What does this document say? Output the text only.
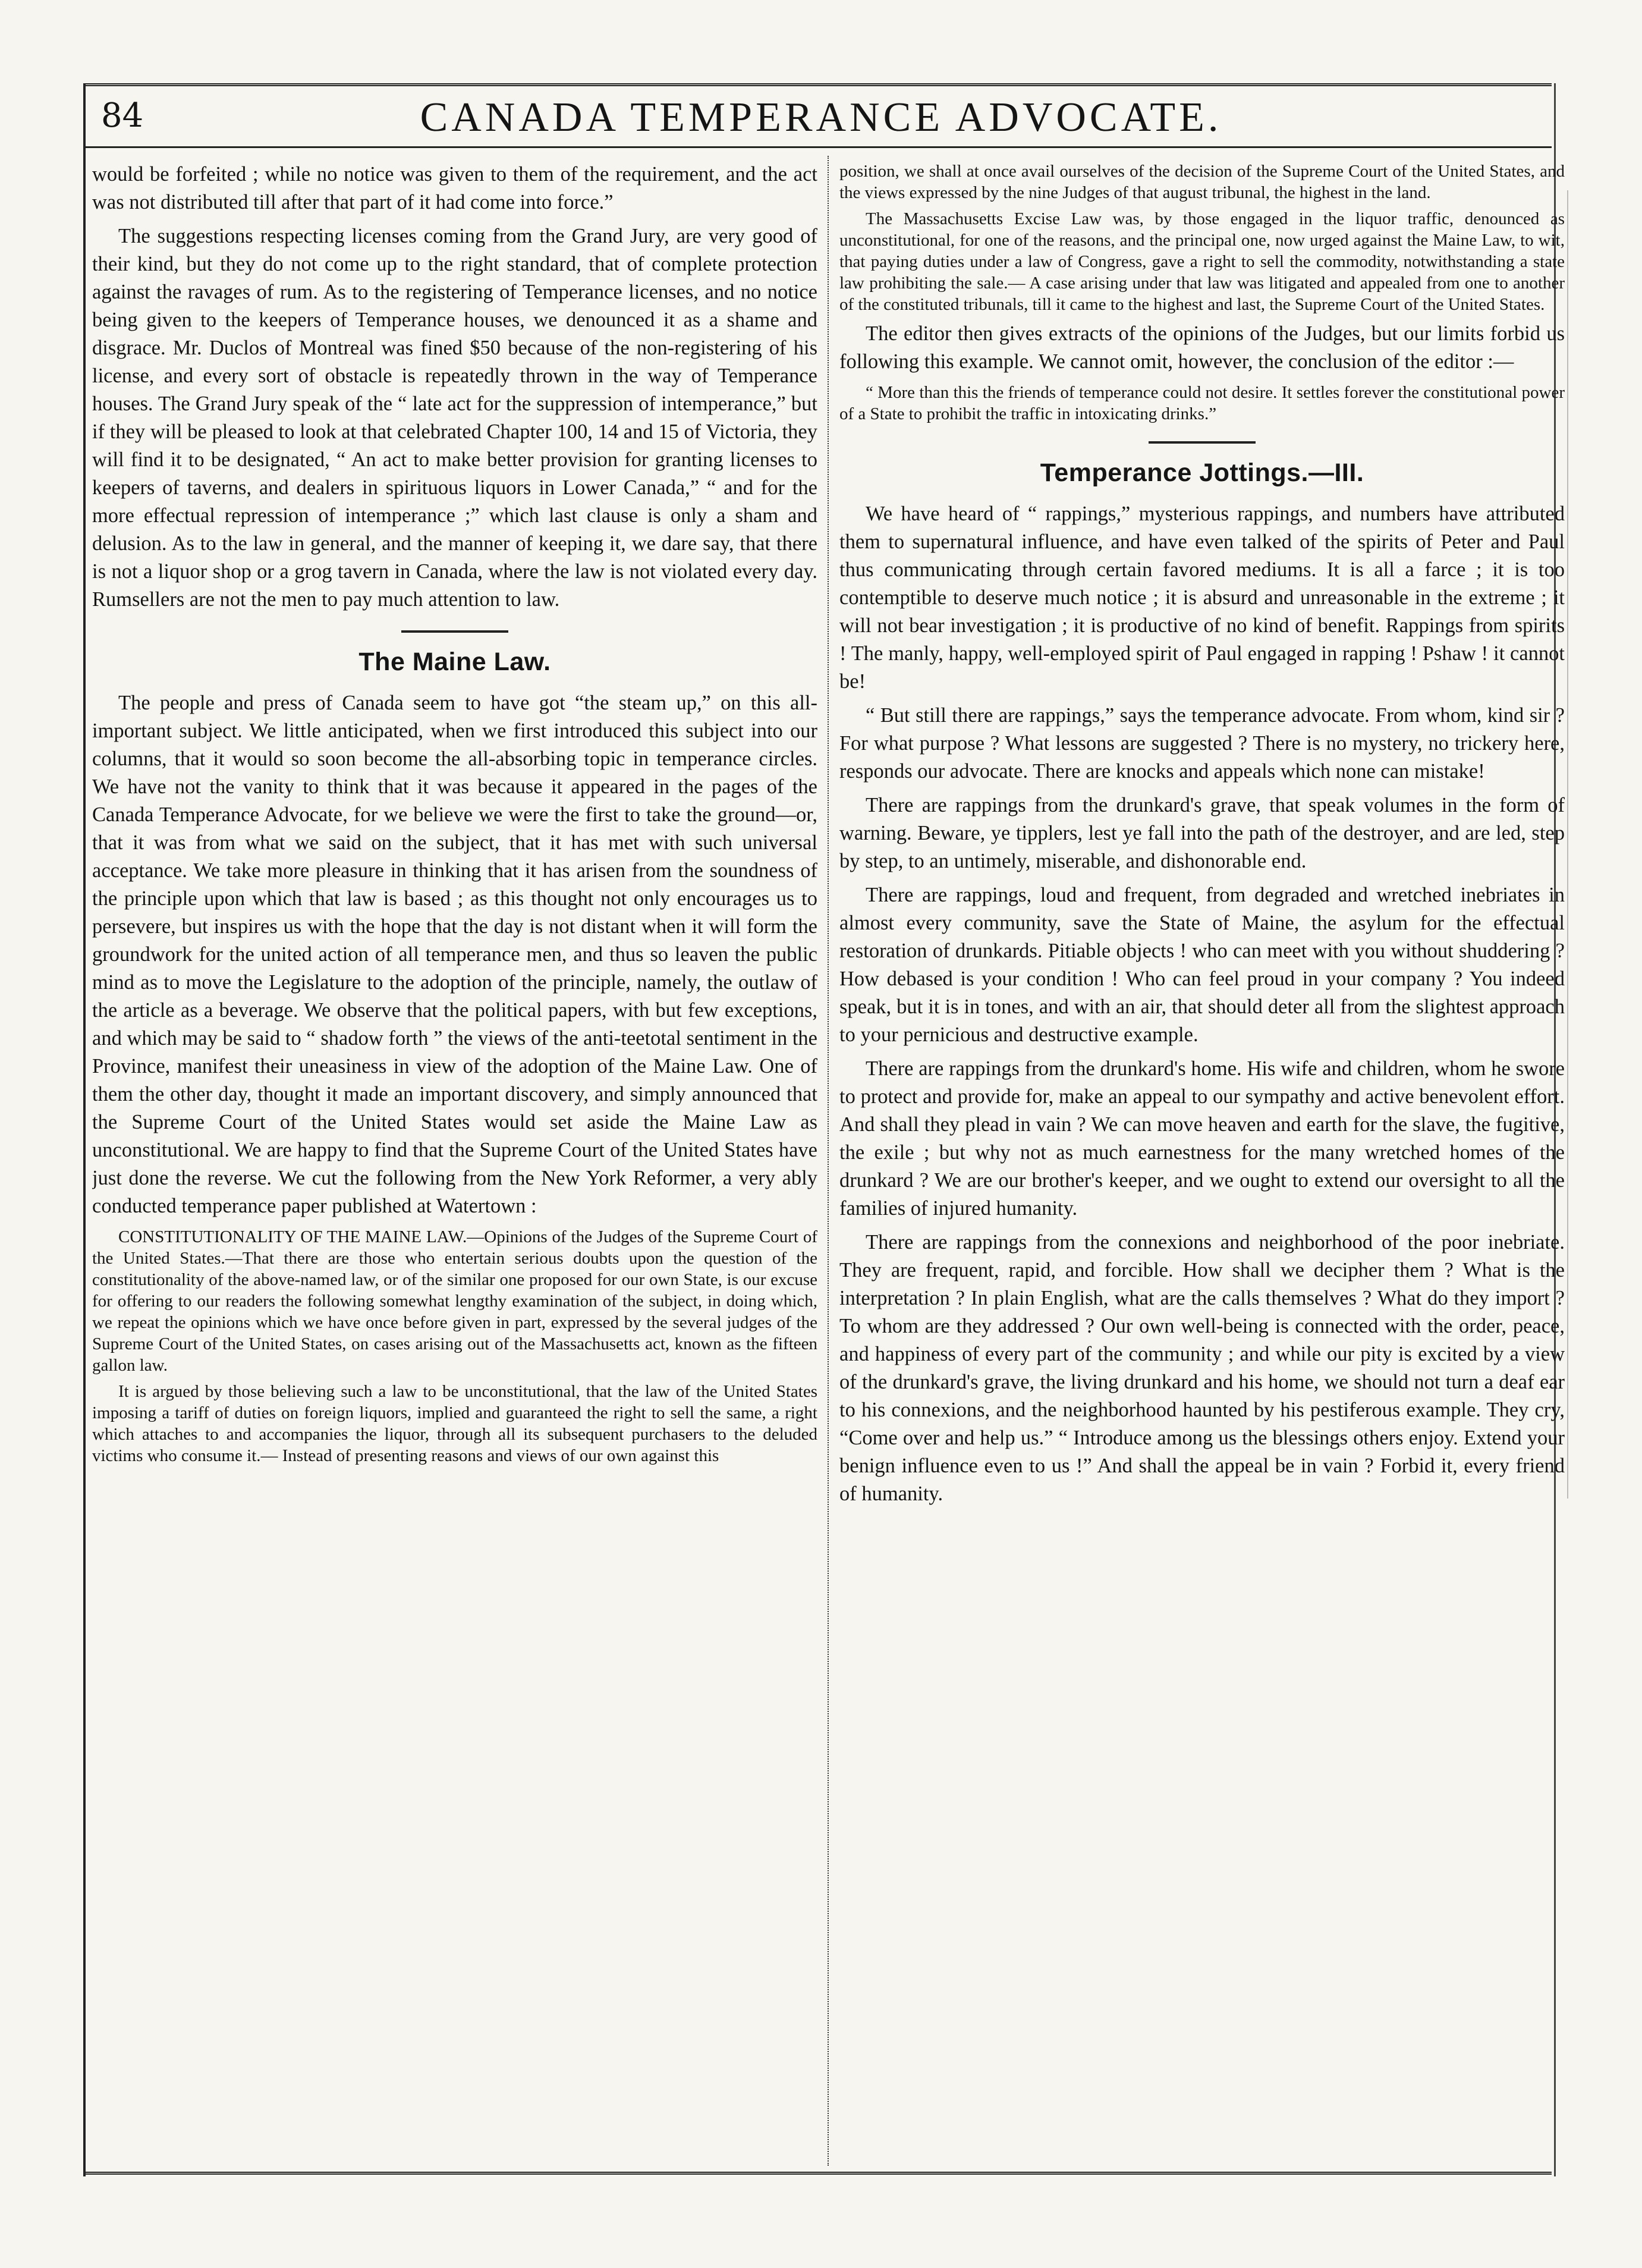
84	CANADA TEMPERANCE ADVOCATE.

would be forfeited ; while no notice was given to them of the requirement, and the act was not distributed till after that part of it had come into force.”

The suggestions respecting licenses coming from the Grand Jury, are very good of their kind, but they do not come up to the right standard, that of complete protection against the ravages of rum. As to the registering of Temperance licenses, and no notice being given to the keepers of Temperance houses, we denounced it as a shame and disgrace. Mr. Duclos of Montreal was fined $50 because of the non-registering of his license, and every sort of obstacle is repeatedly thrown in the way of Temperance houses. The Grand Jury speak of the “ late act for the suppression of intemperance,” but if they will be pleased to look at that celebrated Chapter 100, 14 and 15 of Victoria, they will find it to be designated, “ An act to make better provision for granting licenses to keepers of taverns, and dealers in spirituous liquors in Lower Canada,” “ and for the more effectual repression of intemperance ;” which last clause is only a sham and delusion. As to the law in general, and the manner of keeping it, we dare say, that there is not a liquor shop or a grog tavern in Canada, where the law is not violated every day. Rumsellers are not the men to pay much attention to law.

The Maine Law.

The people and press of Canada seem to have got “the steam up,” on this all-important subject. We little anticipated, when we first introduced this subject into our columns, that it would so soon become the all-absorbing topic in temperance circles. We have not the vanity to think that it was because it appeared in the pages of the Canada Temperance Advocate, for we believe we were the first to take the ground—or, that it was from what we said on the subject, that it has met with such universal acceptance. We take more pleasure in thinking that it has arisen from the soundness of the principle upon which that law is based ; as this thought not only encourages us to persevere, but inspires us with the hope that the day is not distant when it will form the groundwork for the united action of all temperance men, and thus so leaven the public mind as to move the Legislature to the adoption of the principle, namely, the outlaw of the article as a beverage. We observe that the political papers, with but few exceptions, and which may be said to “ shadow forth ” the views of the anti-teetotal sentiment in the Province, manifest their uneasiness in view of the adoption of the Maine Law. One of them the other day, thought it made an important discovery, and simply announced that the Supreme Court of the United States would set aside the Maine Law as unconstitutional. We are happy to find that the Supreme Court of the United States have just done the reverse. We cut the following from the New York Reformer, a very ably conducted temperance paper published at Watertown :

CONSTITUTIONALITY OF THE MAINE LAW.—Opinions of the Judges of the Supreme Court of the United States.—That there are those who entertain serious doubts upon the question of the constitutionality of the above-named law, or of the similar one proposed for our own State, is our excuse for offering to our readers the following somewhat lengthy examination of the subject, in doing which, we repeat the opinions which we have once before given in part, expressed by the several judges of the Supreme Court of the United States, on cases arising out of the Massachusetts act, known as the fifteen gallon law.

It is argued by those believing such a law to be unconstitutional, that the law of the United States imposing a tariff of duties on foreign liquors, implied and guaranteed the right to sell the same, a right which attaches to and accompanies the liquor, through all its subsequent purchasers to the deluded victims who consume it.— Instead of presenting reasons and views of our own against this

position, we shall at once avail ourselves of the decision of the Supreme Court of the United States, and the views expressed by the nine Judges of that august tribunal, the highest in the land.

The Massachusetts Excise Law was, by those engaged in the liquor traffic, denounced as unconstitutional, for one of the reasons, and the principal one, now urged against the Maine Law, to wit, that paying duties under a law of Congress, gave a right to sell the commodity, notwithstanding a state law prohibiting the sale.— A case arising under that law was litigated and appealed from one to another of the constituted tribunals, till it came to the highest and last, the Supreme Court of the United States.

The editor then gives extracts of the opinions of the Judges, but our limits forbid us following this example. We cannot omit, however, the conclusion of the editor :—

“ More than this the friends of temperance could not desire. It settles forever the constitutional power of a State to prohibit the traffic in intoxicating drinks.”

Temperance Jottings.—III.

We have heard of “ rappings,” mysterious rappings, and numbers have attributed them to supernatural influence, and have even talked of the spirits of Peter and Paul thus communicating through certain favored mediums. It is all a farce ; it is too contemptible to deserve much notice ; it is absurd and unreasonable in the extreme ; it will not bear investigation ; it is productive of no kind of benefit. Rappings from spirits ! The manly, happy, well-employed spirit of Paul engaged in rapping ! Pshaw ! it cannot be!

“ But still there are rappings,” says the temperance advocate. From whom, kind sir ? For what purpose ? What lessons are suggested ? There is no mystery, no trickery here, responds our advocate. There are knocks and appeals which none can mistake!

There are rappings from the drunkard's grave, that speak volumes in the form of warning. Beware, ye tipplers, lest ye fall into the path of the destroyer, and are led, step by step, to an untimely, miserable, and dishonorable end.

There are rappings, loud and frequent, from degraded and wretched inebriates in almost every community, save the State of Maine, the asylum for the effectual restoration of drunkards. Pitiable objects ! who can meet with you without shuddering ? How debased is your condition ! Who can feel proud in your company ? You indeed speak, but it is in tones, and with an air, that should deter all from the slightest approach to your pernicious and destructive example.

There are rappings from the drunkard's home. His wife and children, whom he swore to protect and provide for, make an appeal to our sympathy and active benevolent effort. And shall they plead in vain ? We can move heaven and earth for the slave, the fugitive, the exile ; but why not as much earnestness for the many wretched homes of the drunkard ? We are our brother's keeper, and we ought to extend our oversight to all the families of injured humanity.

There are rappings from the connexions and neighborhood of the poor inebriate. They are frequent, rapid, and forcible. How shall we decipher them ? What is the interpretation ? In plain English, what are the calls themselves ? What do they import ? To whom are they addressed ? Our own well-being is connected with the order, peace, and happiness of every part of the community ; and while our pity is excited by a view of the drunkard's grave, the living drunkard and his home, we should not turn a deaf ear to his connexions, and the neighborhood haunted by his pestiferous example. They cry, “Come over and help us.” “ Introduce among us the blessings others enjoy. Extend your benign influence even to us !” And shall the appeal be in vain ? Forbid it, every friend of humanity.
